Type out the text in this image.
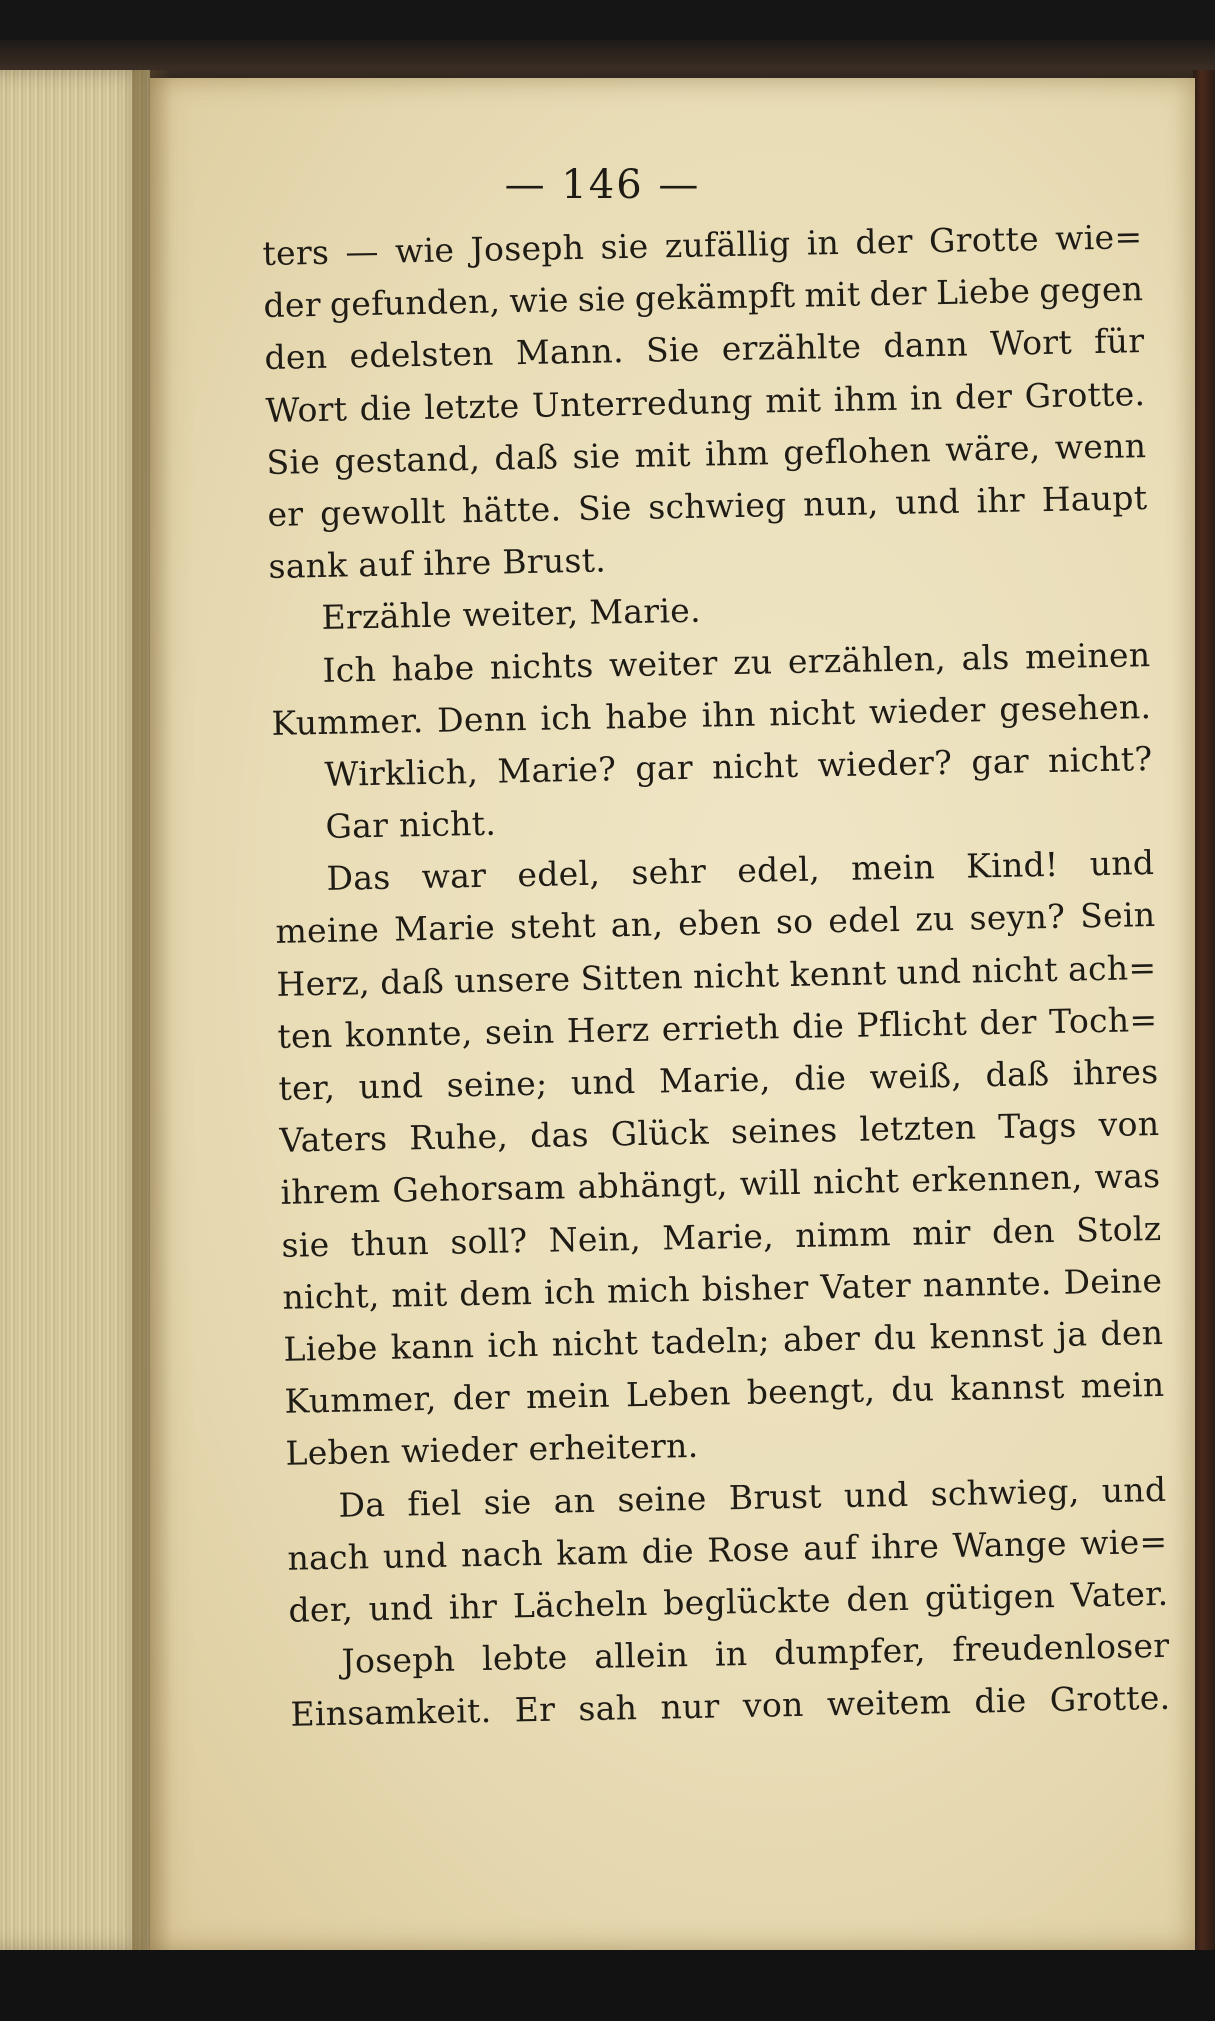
— 146 —
ters — wie Joseph sie zufällig in der Grotte wie=
der gefunden, wie sie gekämpft mit der Liebe gegen
den edelsten Mann. Sie erzählte dann Wort für
Wort die letzte Unterredung mit ihm in der Grotte.
Sie gestand, daß sie mit ihm geflohen wäre, wenn
er gewollt hätte. Sie schwieg nun, und ihr Haupt
sank auf ihre Brust.
Erzähle weiter, Marie.
Ich habe nichts weiter zu erzählen, als meinen
Kummer. Denn ich habe ihn nicht wieder gesehen.
Wirklich, Marie? gar nicht wieder? gar nicht?
Gar nicht.
Das war edel, sehr edel, mein Kind! und
meine Marie steht an, eben so edel zu seyn? Sein
Herz, daß unsere Sitten nicht kennt und nicht ach=
ten konnte, sein Herz errieth die Pflicht der Toch=
ter, und seine; und Marie, die weiß, daß ihres
Vaters Ruhe, das Glück seines letzten Tags von
ihrem Gehorsam abhängt, will nicht erkennen, was
sie thun soll? Nein, Marie, nimm mir den Stolz
nicht, mit dem ich mich bisher Vater nannte. Deine
Liebe kann ich nicht tadeln; aber du kennst ja den
Kummer, der mein Leben beengt, du kannst mein
Leben wieder erheitern.
Da fiel sie an seine Brust und schwieg, und
nach und nach kam die Rose auf ihre Wange wie=
der, und ihr Lächeln beglückte den gütigen Vater.
Joseph lebte allein in dumpfer, freudenloser
Einsamkeit. Er sah nur von weitem die Grotte.
